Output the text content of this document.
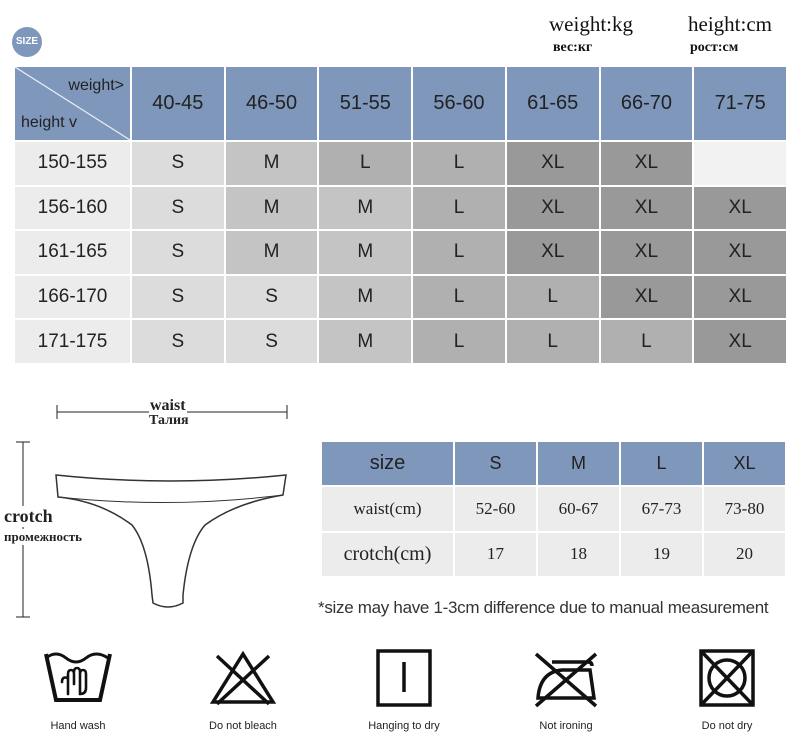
SIZE
weight:kg	height:cm
вес:кг	рост:см
weight>
height v
40-45	46-50	51-55	56-60	61-65	66-70	71-75
150-155	S	M	L	L	XL	XL
156-160	S	M	M	L	XL	XL	XL
161-165	S	M	M	L	XL	XL	XL
166-170	S	S	M	L	L	XL	XL
171-175	S	S	M	L	L	L	XL
waist
Талия
crotch
промежность
size	S	M	L	XL
waist(cm)	52-60	60-67	67-73	73-80
crotch(cm)	17	18	19	20
*size may have 1-3cm difference due to manual measurement
Hand wash	Do not bleach	Hanging to dry	Not ironing	Do not dry
